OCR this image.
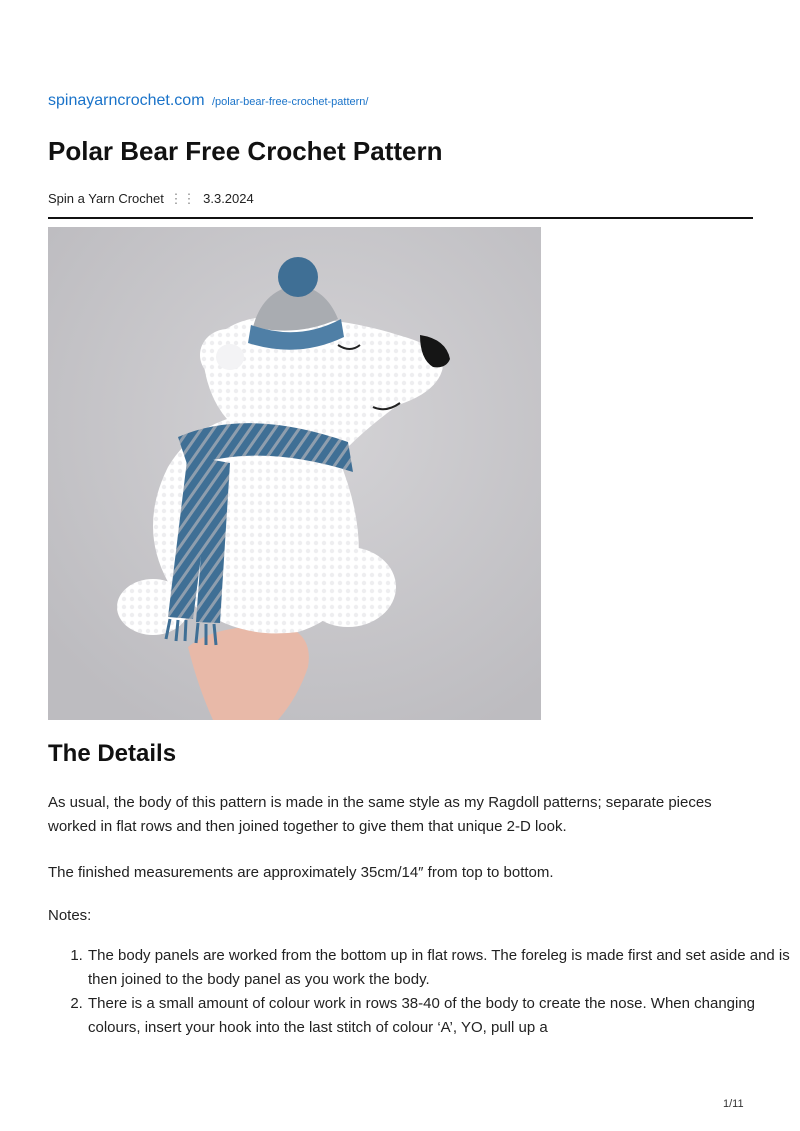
spinayarncrochet.com /polar-bear-free-crochet-pattern/
Polar Bear Free Crochet Pattern
Spin a Yarn Crochet ⋮⋮ 3.3.2024
The Details

As usual, the body of this pattern is made in the same style as my Ragdoll patterns; separate pieces worked in flat rows and then joined together to give them that unique 2-D look.

The finished measurements are approximately 35cm/14″ from top to bottom.

Notes:

1. The body panels are worked from the bottom up in flat rows. The foreleg is made first and set aside and is then joined to the body panel as you work the body.
2. There is a small amount of colour work in rows 38-40 of the body to create the nose. When changing colours, insert your hook into the last stitch of colour ‘A’, YO, pull up a
1/11
